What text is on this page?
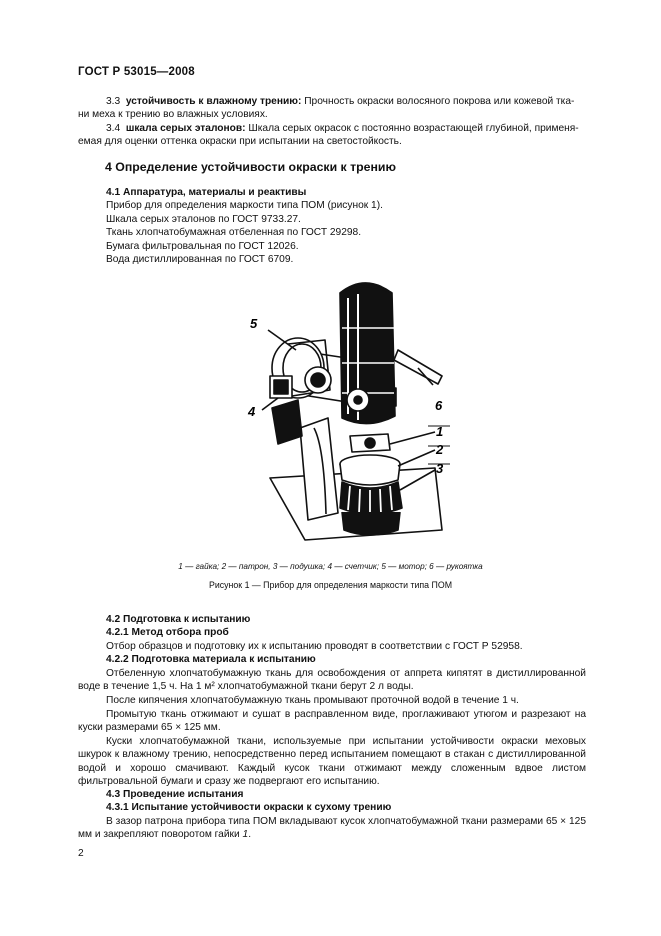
ГОСТ Р 53015—2008
3.3 устойчивость к влажному трению: Прочность окраски волосяного покрова или кожевой тка-
ни меха к трению во влажных условиях.
3.4 шкала серых эталонов: Шкала серых окрасок с постоянно возрастающей глубиной, применя-
емая для оценки оттенка окраски при испытании на светостойкость.
4 Определение устойчивости окраски к трению
4.1 Аппаратура, материалы и реактивы
Прибор для определения маркости типа ПОМ (рисунок 1).
Шкала серых эталонов по ГОСТ 9733.27.
Ткань хлопчатобумажная отбеленная по ГОСТ 29298.
Бумага фильтровальная по ГОСТ 12026.
Вода дистиллированная по ГОСТ 6709.
5
4	6
1
2
3
1 — гайка; 2 — патрон, 3 — подушка; 4 — счетчик; 5 — мотор; 6 — рукоятка
Рисунок 1 — Прибор для определения маркости типа ПОМ
4.2 Подготовка к испытанию
4.2.1 Метод отбора проб
Отбор образцов и подготовку их к испытанию проводят в соответствии с ГОСТ Р 52958.
4.2.2 Подготовка материала к испытанию
Отбеленную хлопчатобумажную ткань для освобождения от аппрета кипятят в дистиллированной воде в течение 1,5 ч. На 1 м² хлопчатобумажной ткани берут 2 л воды.
После кипячения хлопчатобумажную ткань промывают проточной водой в течение 1 ч.
Промытую ткань отжимают и сушат в расправленном виде, проглаживают утюгом и разрезают на куски размерами 65 × 125 мм.
Куски хлопчатобумажной ткани, используемые при испытании устойчивости окраски меховых шкурок к влажному трению, непосредственно перед испытанием помещают в стакан с дистиллированной водой и хорошо смачивают. Каждый кусок ткани отжимают между сложенным вдвое листом фильтровальной бумаги и сразу же подвергают его испытанию.
4.3 Проведение испытания
4.3.1 Испытание устойчивости окраски к сухому трению
В зазор патрона прибора типа ПОМ вкладывают кусок хлопчатобумажной ткани размерами 65 × 125 мм и закрепляют поворотом гайки 1.
2
